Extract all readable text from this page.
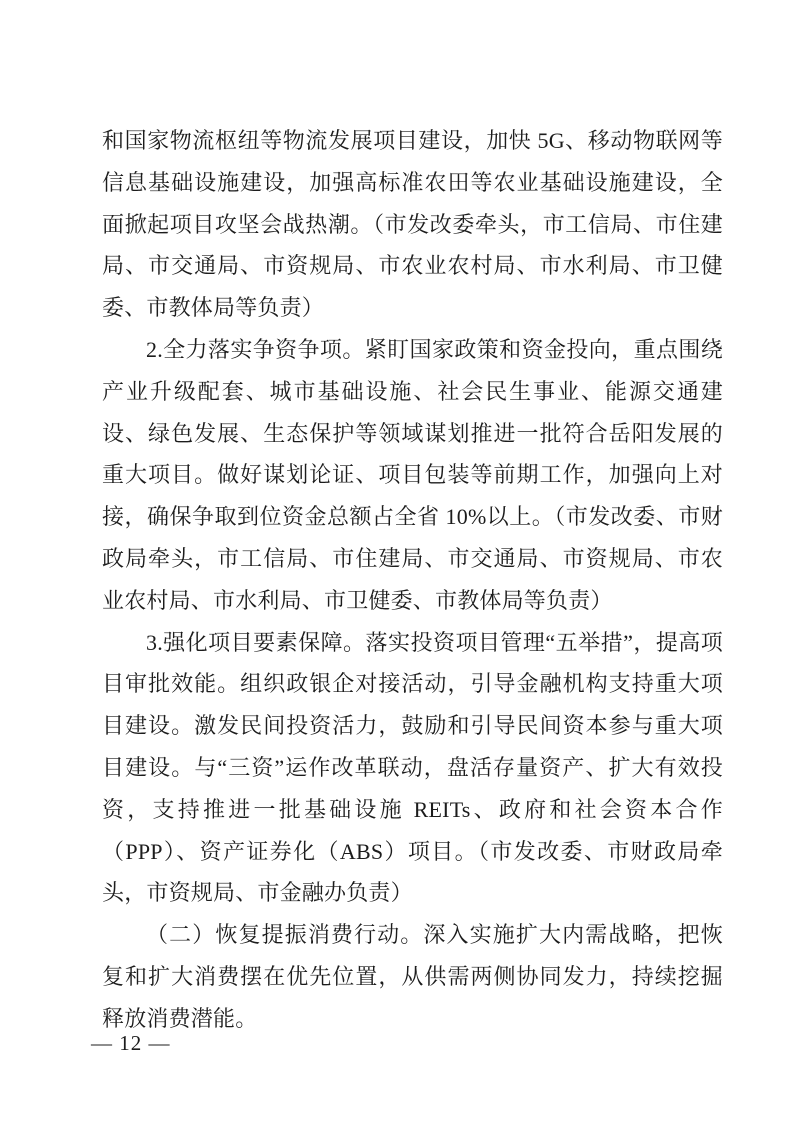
和国家物流枢纽等物流发展项目建设，加快 5G、移动物联网等信息基础设施建设，加强高标准农田等农业基础设施建设，全面掀起项目攻坚会战热潮。（市发改委牵头，市工信局、市住建局、市交通局、市资规局、市农业农村局、市水利局、市卫健委、市教体局等负责）

2.全力落实争资争项。紧盯国家政策和资金投向，重点围绕产业升级配套、城市基础设施、社会民生事业、能源交通建设、绿色发展、生态保护等领域谋划推进一批符合岳阳发展的重大项目。做好谋划论证、项目包装等前期工作，加强向上对接，确保争取到位资金总额占全省 10%以上。（市发改委、市财政局牵头，市工信局、市住建局、市交通局、市资规局、市农业农村局、市水利局、市卫健委、市教体局等负责）

3.强化项目要素保障。落实投资项目管理“五举措”，提高项目审批效能。组织政银企对接活动，引导金融机构支持重大项目建设。激发民间投资活力，鼓励和引导民间资本参与重大项目建设。与“三资”运作改革联动，盘活存量资产、扩大有效投资，支持推进一批基础设施 REITs、政府和社会资本合作（PPP）、资产证券化（ABS）项目。（市发改委、市财政局牵头，市资规局、市金融办负责）

（二）恢复提振消费行动。深入实施扩大内需战略，把恢复和扩大消费摆在优先位置，从供需两侧协同发力，持续挖掘释放消费潜能。

— 12 —
